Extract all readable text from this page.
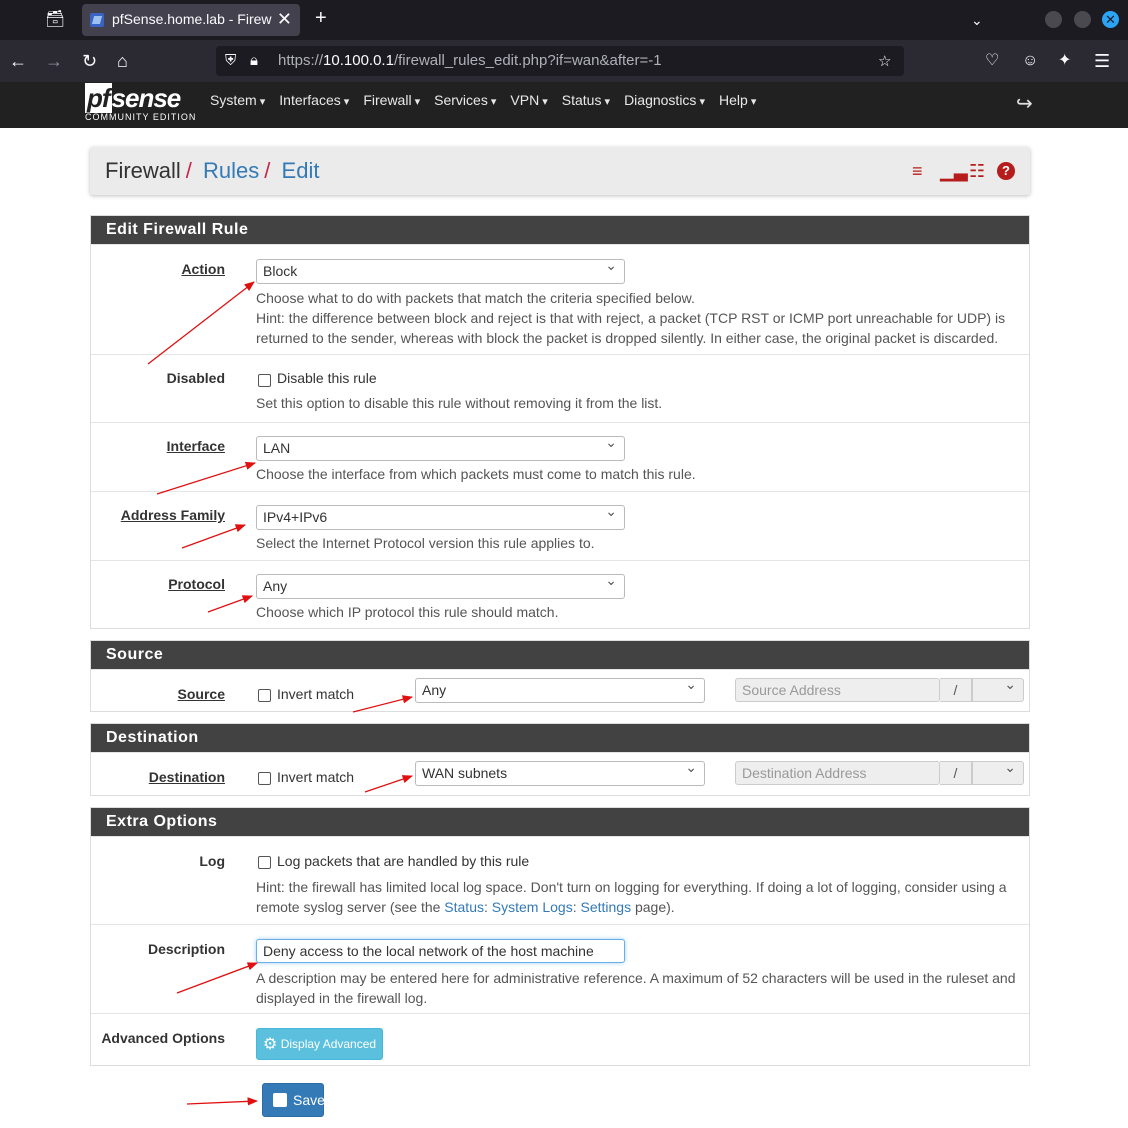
🗃︎	pfSense.home.lab - Firew ✕ +	⌄	✕
← → ↻ ⌂	⛨ 🔒︎ https://10.100.0.1/firewall_rules_edit.php?if=wan&after=-1	☆	♡ ☺ ✦ ☰
pfsense
COMMUNITY EDITION
System ▾ Interfaces ▾ Firewall ▾ Services ▾ VPN ▾ Status ▾ Diagnostics ▾ Help ▾	↪
Firewall / Rules / Edit	≡ ▁▃ ☷	?
Edit Firewall Rule
Action	Block ⌄
Choose what to do with packets that match the criteria specified below.
Hint: the difference between block and reject is that with reject, a packet (TCP RST or ICMP port unreachable for UDP) is
returned to the sender, whereas with block the packet is dropped silently. In either case, the original packet is discarded.
Disabled	Disable this rule
Set this option to disable this rule without removing it from the list.
Interface	LAN ⌄
Choose the interface from which packets must come to match this rule.
Address Family	IPv4+IPv6 ⌄
Select the Internet Protocol version this rule applies to.
Protocol	Any ⌄
Choose which IP protocol this rule should match.
Source
Source	Invert match	Any ⌄	Source Address	/
⌄
Destination
Destination	Invert match	WAN subnets ⌄	Destination Address	/
⌄
Extra Options
Log	Log packets that are handled by this rule
Hint: the firewall has limited local log space. Don't turn on logging for everything. If doing a lot of logging, consider using a
remote syslog server (see the Status: System Logs: Settings page).
Description	Deny access to the local network of the host machine
A description may be entered here for administrative reference. A maximum of 52 characters will be used in the ruleset and
displayed in the firewall log.
Advanced Options	⚙ Display Advanced
Save
